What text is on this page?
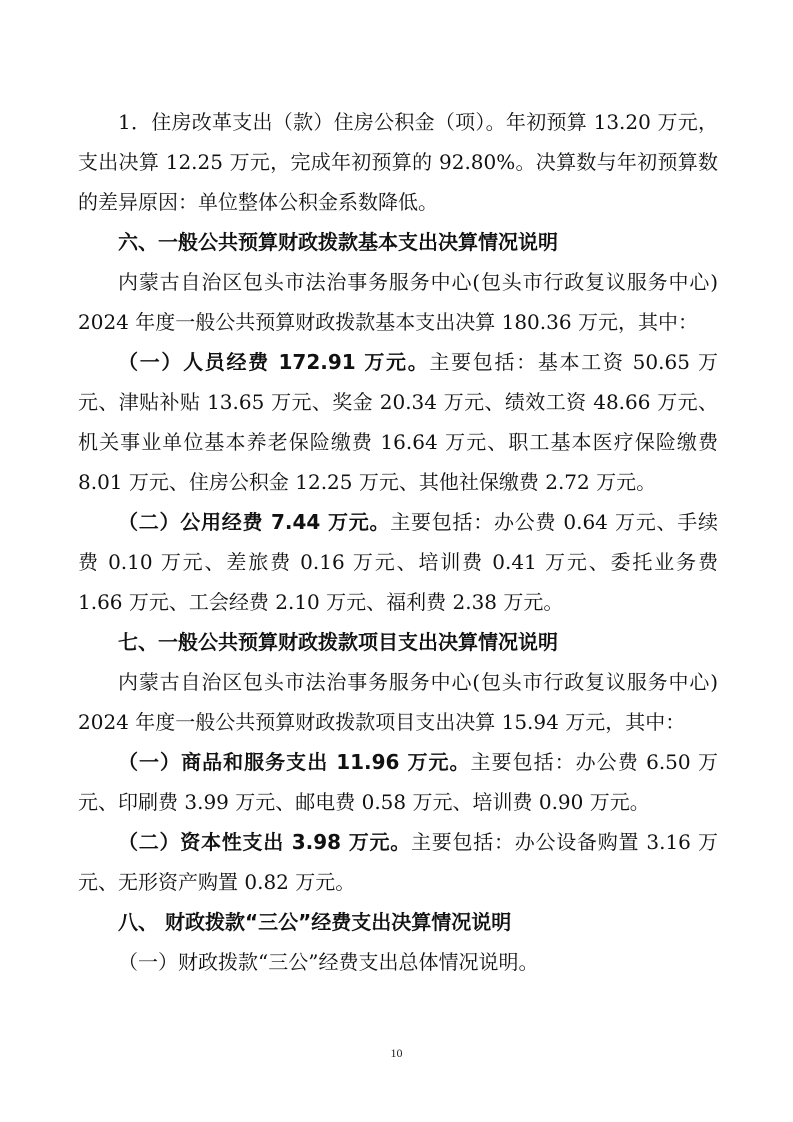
1．住房改革支出（款）住房公积金（项）。年初预算 13.20 万元，支出决算 12.25 万元，完成年初预算的 92.80%。决算数与年初预算数的差异原因：单位整体公积金系数降低。
六、一般公共预算财政拨款基本支出决算情况说明
内蒙古自治区包头市法治事务服务中心(包头市行政复议服务中心) 2024 年度一般公共预算财政拨款基本支出决算 180.36 万元，其中：
（一）人员经费 172.91 万元。主要包括：基本工资 50.65 万元、津贴补贴 13.65 万元、奖金 20.34 万元、绩效工资 48.66 万元、机关事业单位基本养老保险缴费 16.64 万元、职工基本医疗保险缴费 8.01 万元、住房公积金 12.25 万元、其他社保缴费 2.72 万元。
（二）公用经费 7.44 万元。主要包括：办公费 0.64 万元、手续费 0.10 万元、差旅费 0.16 万元、培训费 0.41 万元、委托业务费 1.66 万元、工会经费 2.10 万元、福利费 2.38 万元。
七、一般公共预算财政拨款项目支出决算情况说明
内蒙古自治区包头市法治事务服务中心(包头市行政复议服务中心) 2024 年度一般公共预算财政拨款项目支出决算 15.94 万元，其中：
（一）商品和服务支出 11.96 万元。主要包括：办公费 6.50 万元、印刷费 3.99 万元、邮电费 0.58 万元、培训费 0.90 万元。
（二）资本性支出 3.98 万元。主要包括：办公设备购置 3.16 万元、无形资产购置 0.82 万元。
八、 财政拨款“三公”经费支出决算情况说明
（一）财政拨款“三公”经费支出总体情况说明。
10
